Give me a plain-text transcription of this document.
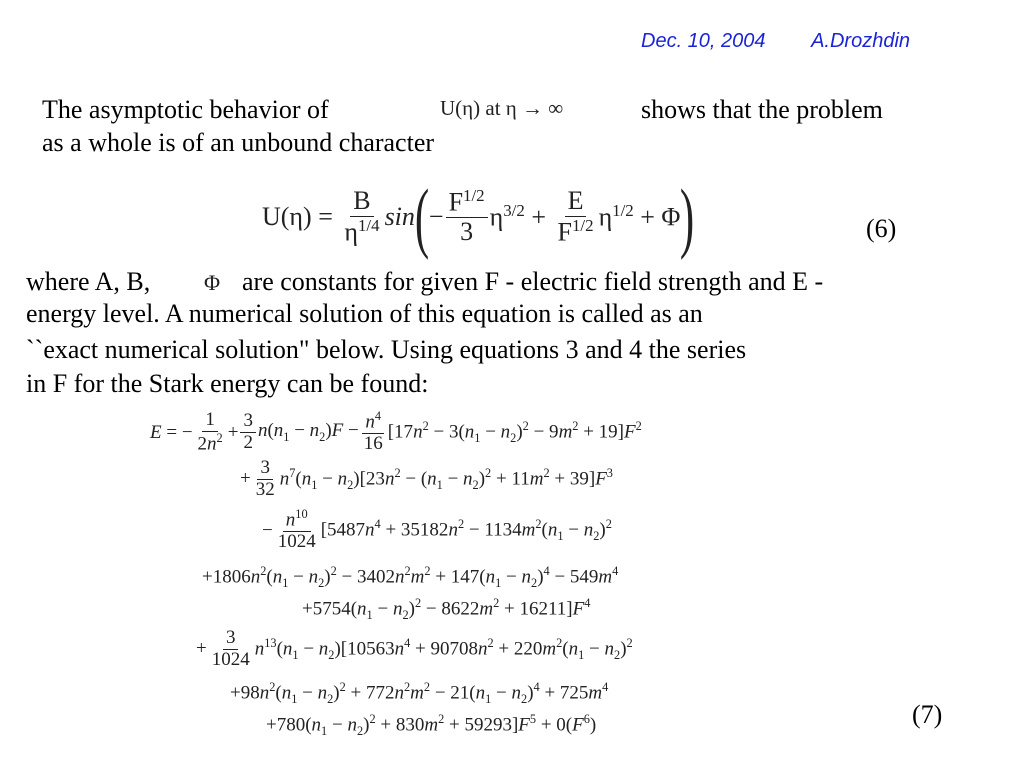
Dec. 10, 2004 A.Drozhdin
The asymptotic behavior of	U(η) at η → ∞	shows that the problem
as a whole is of an unbound character
$U(\eta) = \frac{B}{\eta^{1/4}}$ sin ( − $\frac{F^{1/2}}{3} \eta^{3/2} + \frac{E}{F^{1/2}} \eta^{1/2} + \Phi$ )	(6)
where A, B, Φ are constants for given F - electric field strength and E -
energy level. A numerical solution of this equation is called as an
``exact numerical solution" below. Using equations 3 and 4 the series
in F for the Stark energy can be found:
E = − $\frac{1}{2n^2} + \frac{3}{2} n(n_1 - n_2)F - \frac{n^4}{16} [17n^2 - 3(n_1 - n_2)^2 - 9m^2 + 19]F^2$
+ $\frac{3}{32} n^7(n_1 - n_2)[23n^2 - (n_1 - n_2)^2 + 11m^2 + 39]F^3$
− $\frac{n^{10}}{1024} [5487n^4 + 35182n^2 - 1134m^2(n_1 - n_2)^2$
$+1806n^2(n_1 - n_2)^2 - 3402n^2m^2 + 147(n_1 - n_2)^4 - 549m^4$
$+5754(n_1 - n_2)^2 - 8622m^2 + 16211]F^4$
+ $\frac{3}{1024} n^{13}(n_1 - n_2)[10563n^4 + 90708n^2 + 220m^2(n_1 - n_2)^2$
$+98n^2(n_1 - n_2)^2 + 772n^2m^2 - 21(n_1 - n_2)^4 + 725m^4$
$+780(n_1 - n_2)^2 + 830m^2 + 59293]F^5 + 0(F^6)$	(7)
